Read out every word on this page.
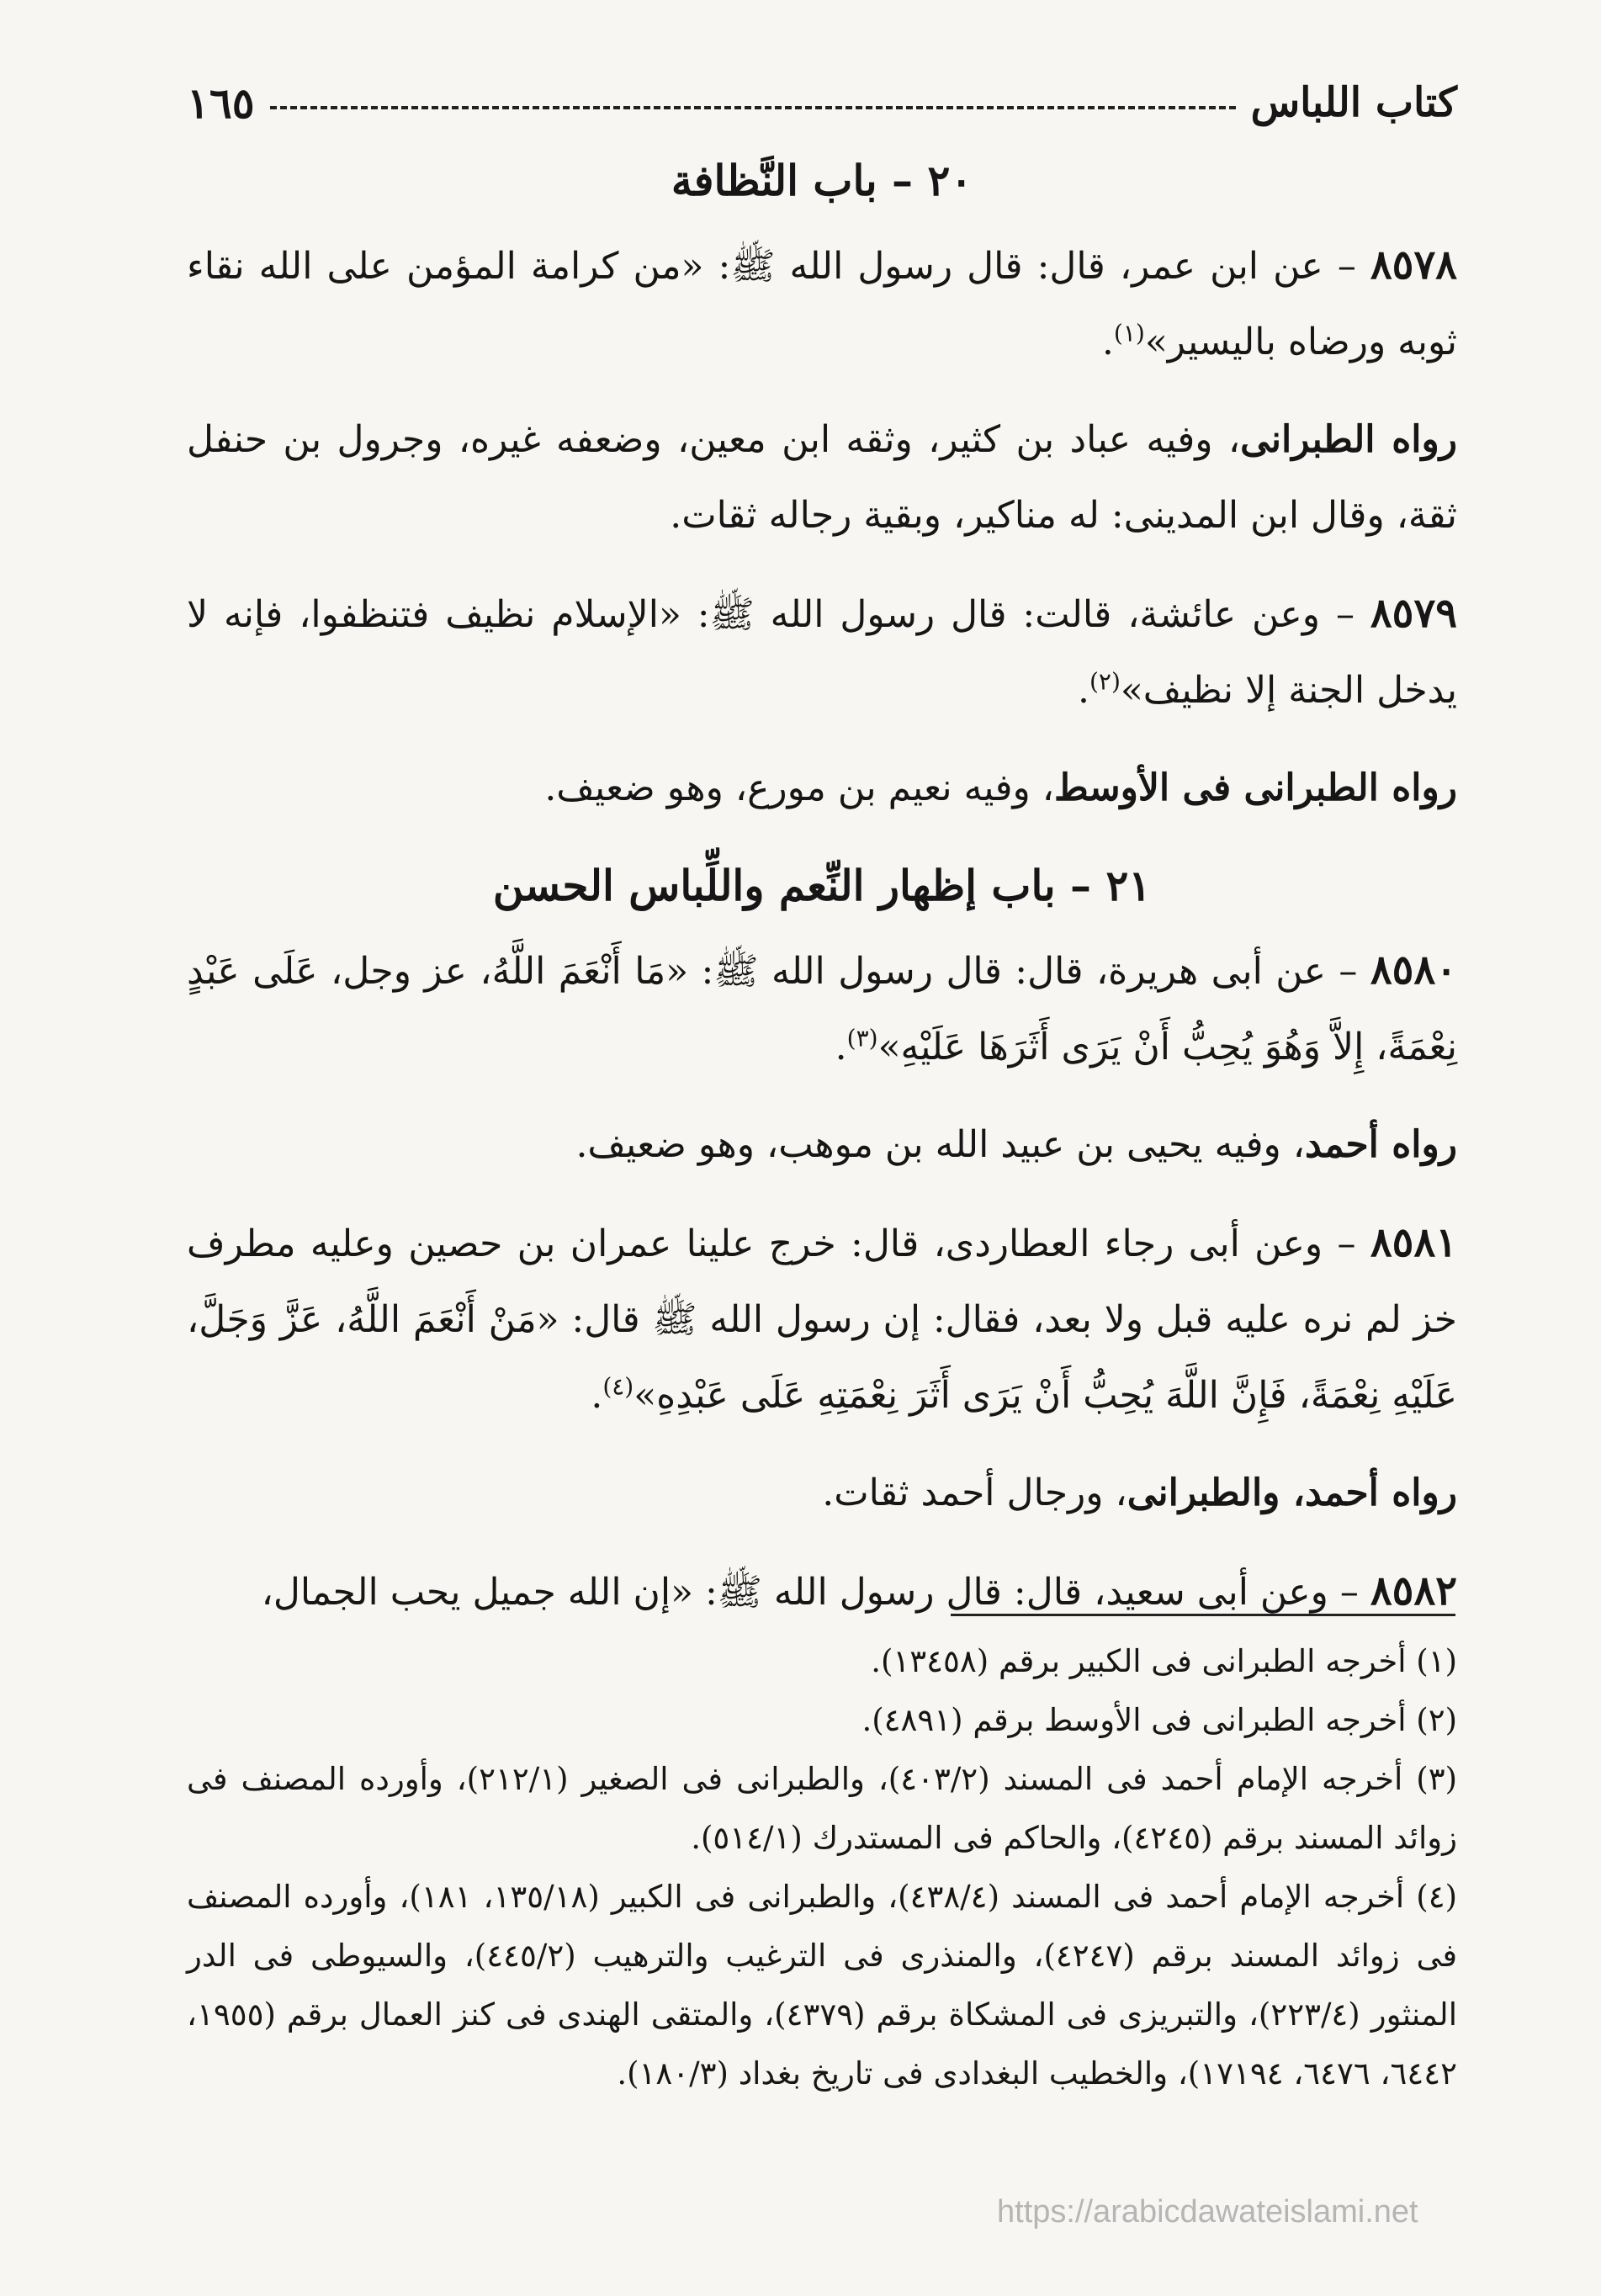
١٦٥	كتاب اللباس

٢٠ – باب النَّظافة

٨٥٧٨ – عن ابن عمر، قال: قال رسول الله ﷺ: «من كرامة المؤمن على الله نقاء ثوبه ورضاه باليسير»$^{(١)}$.

رواه الطبرانى، وفيه عباد بن كثير، وثقه ابن معين، وضعفه غيره، وجرول بن حنفل ثقة، وقال ابن المدينى: له مناكير، وبقية رجاله ثقات.

٨٥٧٩ – وعن عائشة، قالت: قال رسول الله ﷺ: «الإسلام نظيف فتنظفوا، فإنه لا يدخل الجنة إلا نظيف»$^{(٢)}$.

رواه الطبرانى فى الأوسط، وفيه نعيم بن مورع، وهو ضعيف.

٢١ – باب إظهار النِّعم واللِّباس الحسن

٨٥٨٠ – عن أبى هريرة، قال: قال رسول الله ﷺ: «مَا أَنْعَمَ اللَّهُ، عز وجل، عَلَى عَبْدٍ نِعْمَةً، إِلاَّ وَهُوَ يُحِبُّ أَنْ يَرَى أَثَرَهَا عَلَيْهِ»$^{(٣)}$.

رواه أحمد، وفيه يحيى بن عبيد الله بن موهب، وهو ضعيف.

٨٥٨١ – وعن أبى رجاء العطاردى، قال: خرج علينا عمران بن حصين وعليه مطرف خز لم نره عليه قبل ولا بعد، فقال: إن رسول الله ﷺ قال: «مَنْ أَنْعَمَ اللَّهُ، عَزَّ وَجَلَّ، عَلَيْهِ نِعْمَةً، فَإِنَّ اللَّهَ يُحِبُّ أَنْ يَرَى أَثَرَ نِعْمَتِهِ عَلَى عَبْدِهِ»$^{(٤)}$.

رواه أحمد، والطبرانى، ورجال أحمد ثقات.

٨٥٨٢ – وعن أبى سعيد، قال: قال رسول الله ﷺ: «إن الله جميل يحب الجمال،

(١) أخرجه الطبرانى فى الكبير برقم (١٣٤٥٨).

(٢) أخرجه الطبرانى فى الأوسط برقم (٤٨٩١).

(٣) أخرجه الإمام أحمد فى المسند (٤٠٣/٢)، والطبرانى فى الصغير (٢١٢/١)، وأورده المصنف فى زوائد المسند برقم (٤٢٤٥)، والحاكم فى المستدرك (٥١٤/١).

(٤) أخرجه الإمام أحمد فى المسند (٤٣٨/٤)، والطبرانى فى الكبير (١٣٥/١٨، ١٨١)، وأورده المصنف فى زوائد المسند برقم (٤٢٤٧)، والمنذرى فى الترغيب والترهيب (٤٤٥/٢)، والسيوطى فى الدر المنثور (٢٢٣/٤)، والتبريزى فى المشكاة برقم (٤٣٧٩)، والمتقى الهندى فى كنز العمال برقم (١٩٥٥، ٦٤٤٢، ٦٤٧٦، ١٧١٩٤)، والخطيب البغدادى فى تاريخ بغداد (١٨٠/٣).

https://arabicdawateislami.net
